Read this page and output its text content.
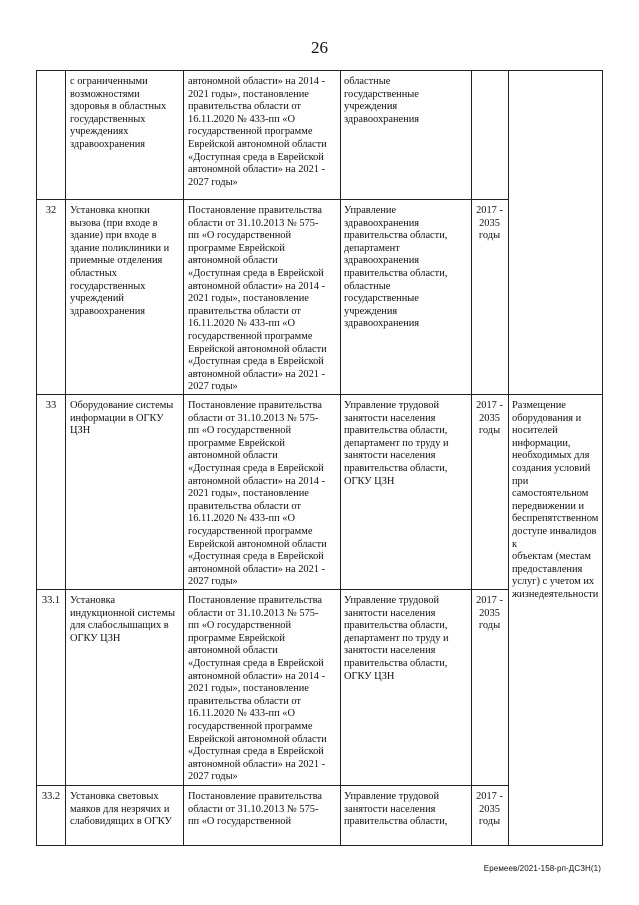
26
с ограниченными
возможностями
здоровья в областных
государственных
учреждениях
здравоохранения
автономной области» на 2014 -
2021 годы», постановление
правительства области от
16.11.2020 № 433-пп «О
государственной программе
Еврейской автономной области
«Доступная среда в Еврейской
автономной области» на 2021 -
2027 годы»
областные
государственные
учреждения
здравоохранения
32	Установка кнопки
вызова (при входе в
здание) при входе в
здание поликлиники и
приемные отделения
областных
государственных
учреждений
здравоохранения
Постановление правительства
области от 31.10.2013 № 575-
пп «О государственной
программе Еврейской
автономной области
«Доступная среда в Еврейской
автономной области» на 2014 -
2021 годы», постановление
правительства области от
16.11.2020 № 433-пп «О
государственной программе
Еврейской автономной области
«Доступная среда в Еврейской
автономной области» на 2021 -
2027 годы»
Управление
здравоохранения
правительства области,
департамент
здравоохранения
правительства области,
областные
государственные
учреждения
здравоохранения
2017 -
2035
годы
33	Оборудование системы
информации в ОГКУ
ЦЗН
Постановление правительства
области от 31.10.2013 № 575-
пп «О государственной
программе Еврейской
автономной области
«Доступная среда в Еврейской
автономной области» на 2014 -
2021 годы», постановление
правительства области от
16.11.2020 № 433-пп «О
государственной программе
Еврейской автономной области
«Доступная среда в Еврейской
автономной области» на 2021 -
2027 годы»
Управление трудовой
занятости населения
правительства области,
департамент по труду и
занятости населения
правительства области,
ОГКУ ЦЗН
2017 -
2035
годы
Размещение
оборудования и
носителей
информации,
необходимых для
создания условий
при самостоятельном
передвижении и
беспрепятственном
доступе инвалидов к
объектам (местам
предоставления
услуг) с учетом их
жизнедеятельности
33.1 Установка
индукционной системы
для слабослышащих в
ОГКУ ЦЗН
Постановление правительства
области от 31.10.2013 № 575-
пп «О государственной
программе Еврейской
автономной области
«Доступная среда в Еврейской
автономной области» на 2014 -
2021 годы», постановление
правительства области от
16.11.2020 № 433-пп «О
государственной программе
Еврейской автономной области
«Доступная среда в Еврейской
автономной области» на 2021 -
2027 годы»
Управление трудовой
занятости населения
правительства области,
департамент по труду и
занятости населения
правительства области,
ОГКУ ЦЗН
2017 -
2035
годы
33.2 Установка световых
маяков для незрячих и
слабовидящих в ОГКУ
Постановление правительства
области от 31.10.2013 № 575-
пп «О государственной
Управление трудовой
занятости населения
правительства области,
2017 -
2035
годы
Еремеев/2021-158-рп-ДСЗН(1)
